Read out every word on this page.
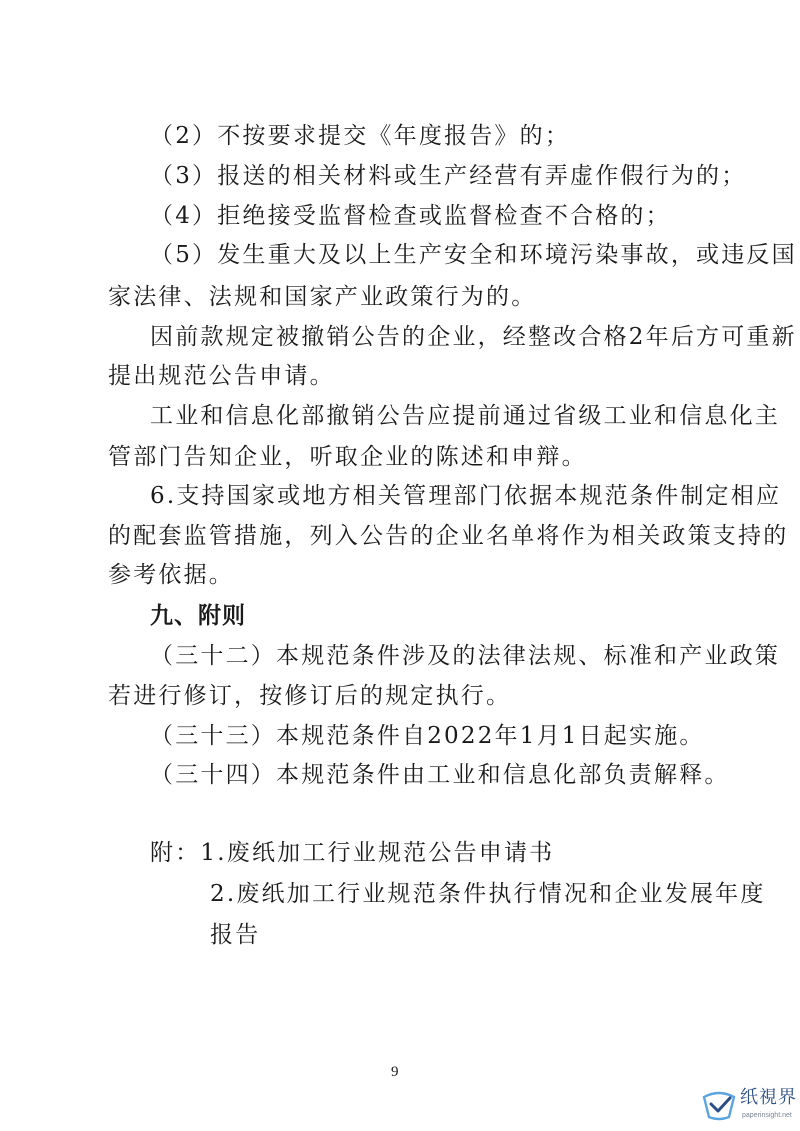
（2）不按要求提交《年度报告》的；
（3）报送的相关材料或生产经营有弄虚作假行为的；
（4）拒绝接受监督检查或监督检查不合格的；
（5）发生重大及以上生产安全和环境污染事故，或违反国
家法律、法规和国家产业政策行为的。
因前款规定被撤销公告的企业，经整改合格2年后方可重新
提出规范公告申请。
工业和信息化部撤销公告应提前通过省级工业和信息化主
管部门告知企业，听取企业的陈述和申辩。
6.支持国家或地方相关管理部门依据本规范条件制定相应
的配套监管措施，列入公告的企业名单将作为相关政策支持的
参考依据。
九、附则
（三十二）本规范条件涉及的法律法规、标准和产业政策
若进行修订，按修订后的规定执行。
（三十三）本规范条件自2022年1月1日起实施。
（三十四）本规范条件由工业和信息化部负责解释。
附：1.废纸加工行业规范公告申请书
2.废纸加工行业规范条件执行情况和企业发展年度
报告
9
纸視界
paperinsight.net
